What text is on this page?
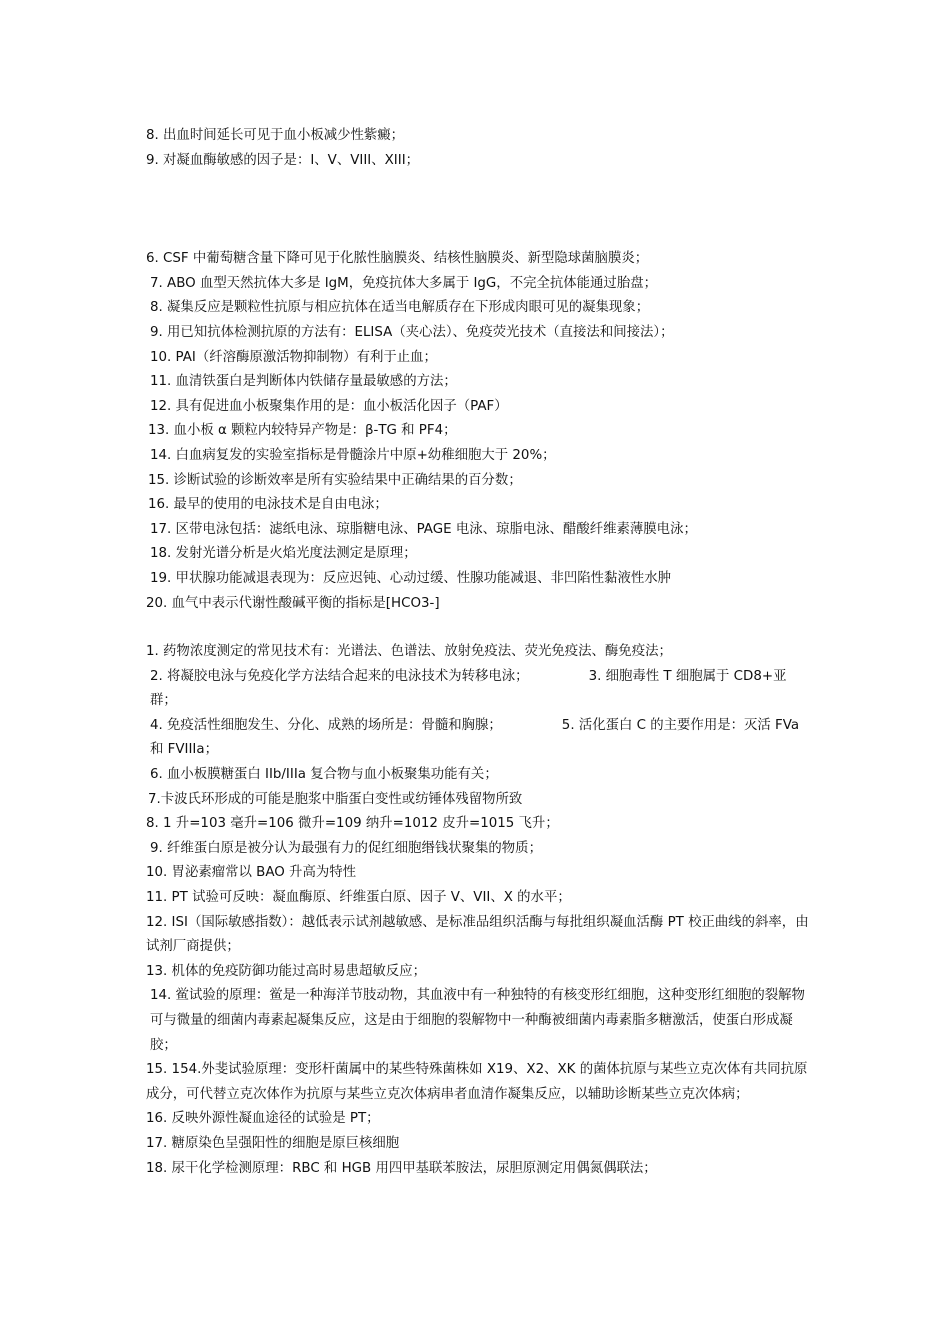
8. 出血时间延长可见于血小板减少性紫癜；
9. 对凝血酶敏感的因子是：I、V、VIII、XIII；
6. CSF 中葡萄糖含量下降可见于化脓性脑膜炎、结核性脑膜炎、新型隐球菌脑膜炎；
7. ABO 血型天然抗体大多是 IgM，免疫抗体大多属于 IgG，不完全抗体能通过胎盘；
8. 凝集反应是颗粒性抗原与相应抗体在适当电解质存在下形成肉眼可见的凝集现象；
9. 用已知抗体检测抗原的方法有：ELISA（夹心法）、免疫荧光技术（直接法和间接法）；
10. PAI（纤溶酶原激活物抑制物）有利于止血；
11. 血清铁蛋白是判断体内铁储存量最敏感的方法；
12. 具有促进血小板聚集作用的是：血小板活化因子（PAF）
13. 血小板 α 颗粒内较特异产物是：β-TG 和 PF4；
14. 白血病复发的实验室指标是骨髓涂片中原+幼稚细胞大于 20%；
15. 诊断试验的诊断效率是所有实验结果中正确结果的百分数；
16. 最早的使用的电泳技术是自由电泳；
17. 区带电泳包括：滤纸电泳、琼脂糖电泳、PAGE 电泳、琼脂电泳、醋酸纤维素薄膜电泳；
18. 发射光谱分析是火焰光度法测定是原理；
19. 甲状腺功能减退表现为：反应迟钝、心动过缓、性腺功能减退、非凹陷性黏液性水肿
20. 血气中表示代谢性酸碱平衡的指标是[HCO3-]
1. 药物浓度测定的常见技术有：光谱法、色谱法、放射免疫法、荧光免疫法、酶免疫法；
2. 将凝胶电泳与免疫化学方法结合起来的电泳技术为转移电泳；	3. 细胞毒性 T 细胞属于 CD8+亚群；
4. 免疫活性细胞发生、分化、成熟的场所是：骨髓和胸腺；	5. 活化蛋白 C 的主要作用是：灭活 FVa 和 FVIIIa；
6. 血小板膜糖蛋白 IIb/IIIa 复合物与血小板聚集功能有关；
7.卡波氏环形成的可能是胞浆中脂蛋白变性或纺锤体残留物所致
8. 1 升=103 毫升=106 微升=109 纳升=1012 皮升=1015 飞升；
9. 纤维蛋白原是被分认为最强有力的促红细胞缗钱状聚集的物质；
10. 胃泌素瘤常以 BAO 升高为特性
11. PT 试验可反映：凝血酶原、纤维蛋白原、因子 V、VII、X 的水平；
12. ISI（国际敏感指数）：越低表示试剂越敏感、是标准品组织活酶与每批组织凝血活酶 PT 校正曲线的斜率，由试剂厂商提供；
13. 机体的免疫防御功能过高时易患超敏反应；
14. 鲎试验的原理：鲎是一种海洋节肢动物，其血液中有一种独特的有核变形红细胞，这种变形红细胞的裂解物可与微量的细菌内毒素起凝集反应，这是由于细胞的裂解物中一种酶被细菌内毒素脂多糖激活，使蛋白形成凝胶；
15. 154.外斐试验原理：变形杆菌属中的某些特殊菌株如 X19、X2、XK 的菌体抗原与某些立克次体有共同抗原成分，可代替立克次体作为抗原与某些立克次体病串者血清作凝集反应，以辅助诊断某些立克次体病；
16. 反映外源性凝血途径的试验是 PT；
17. 糖原染色呈强阳性的细胞是原巨核细胞
18. 尿干化学检测原理：RBC 和 HGB 用四甲基联苯胺法，尿胆原测定用偶氮偶联法；
